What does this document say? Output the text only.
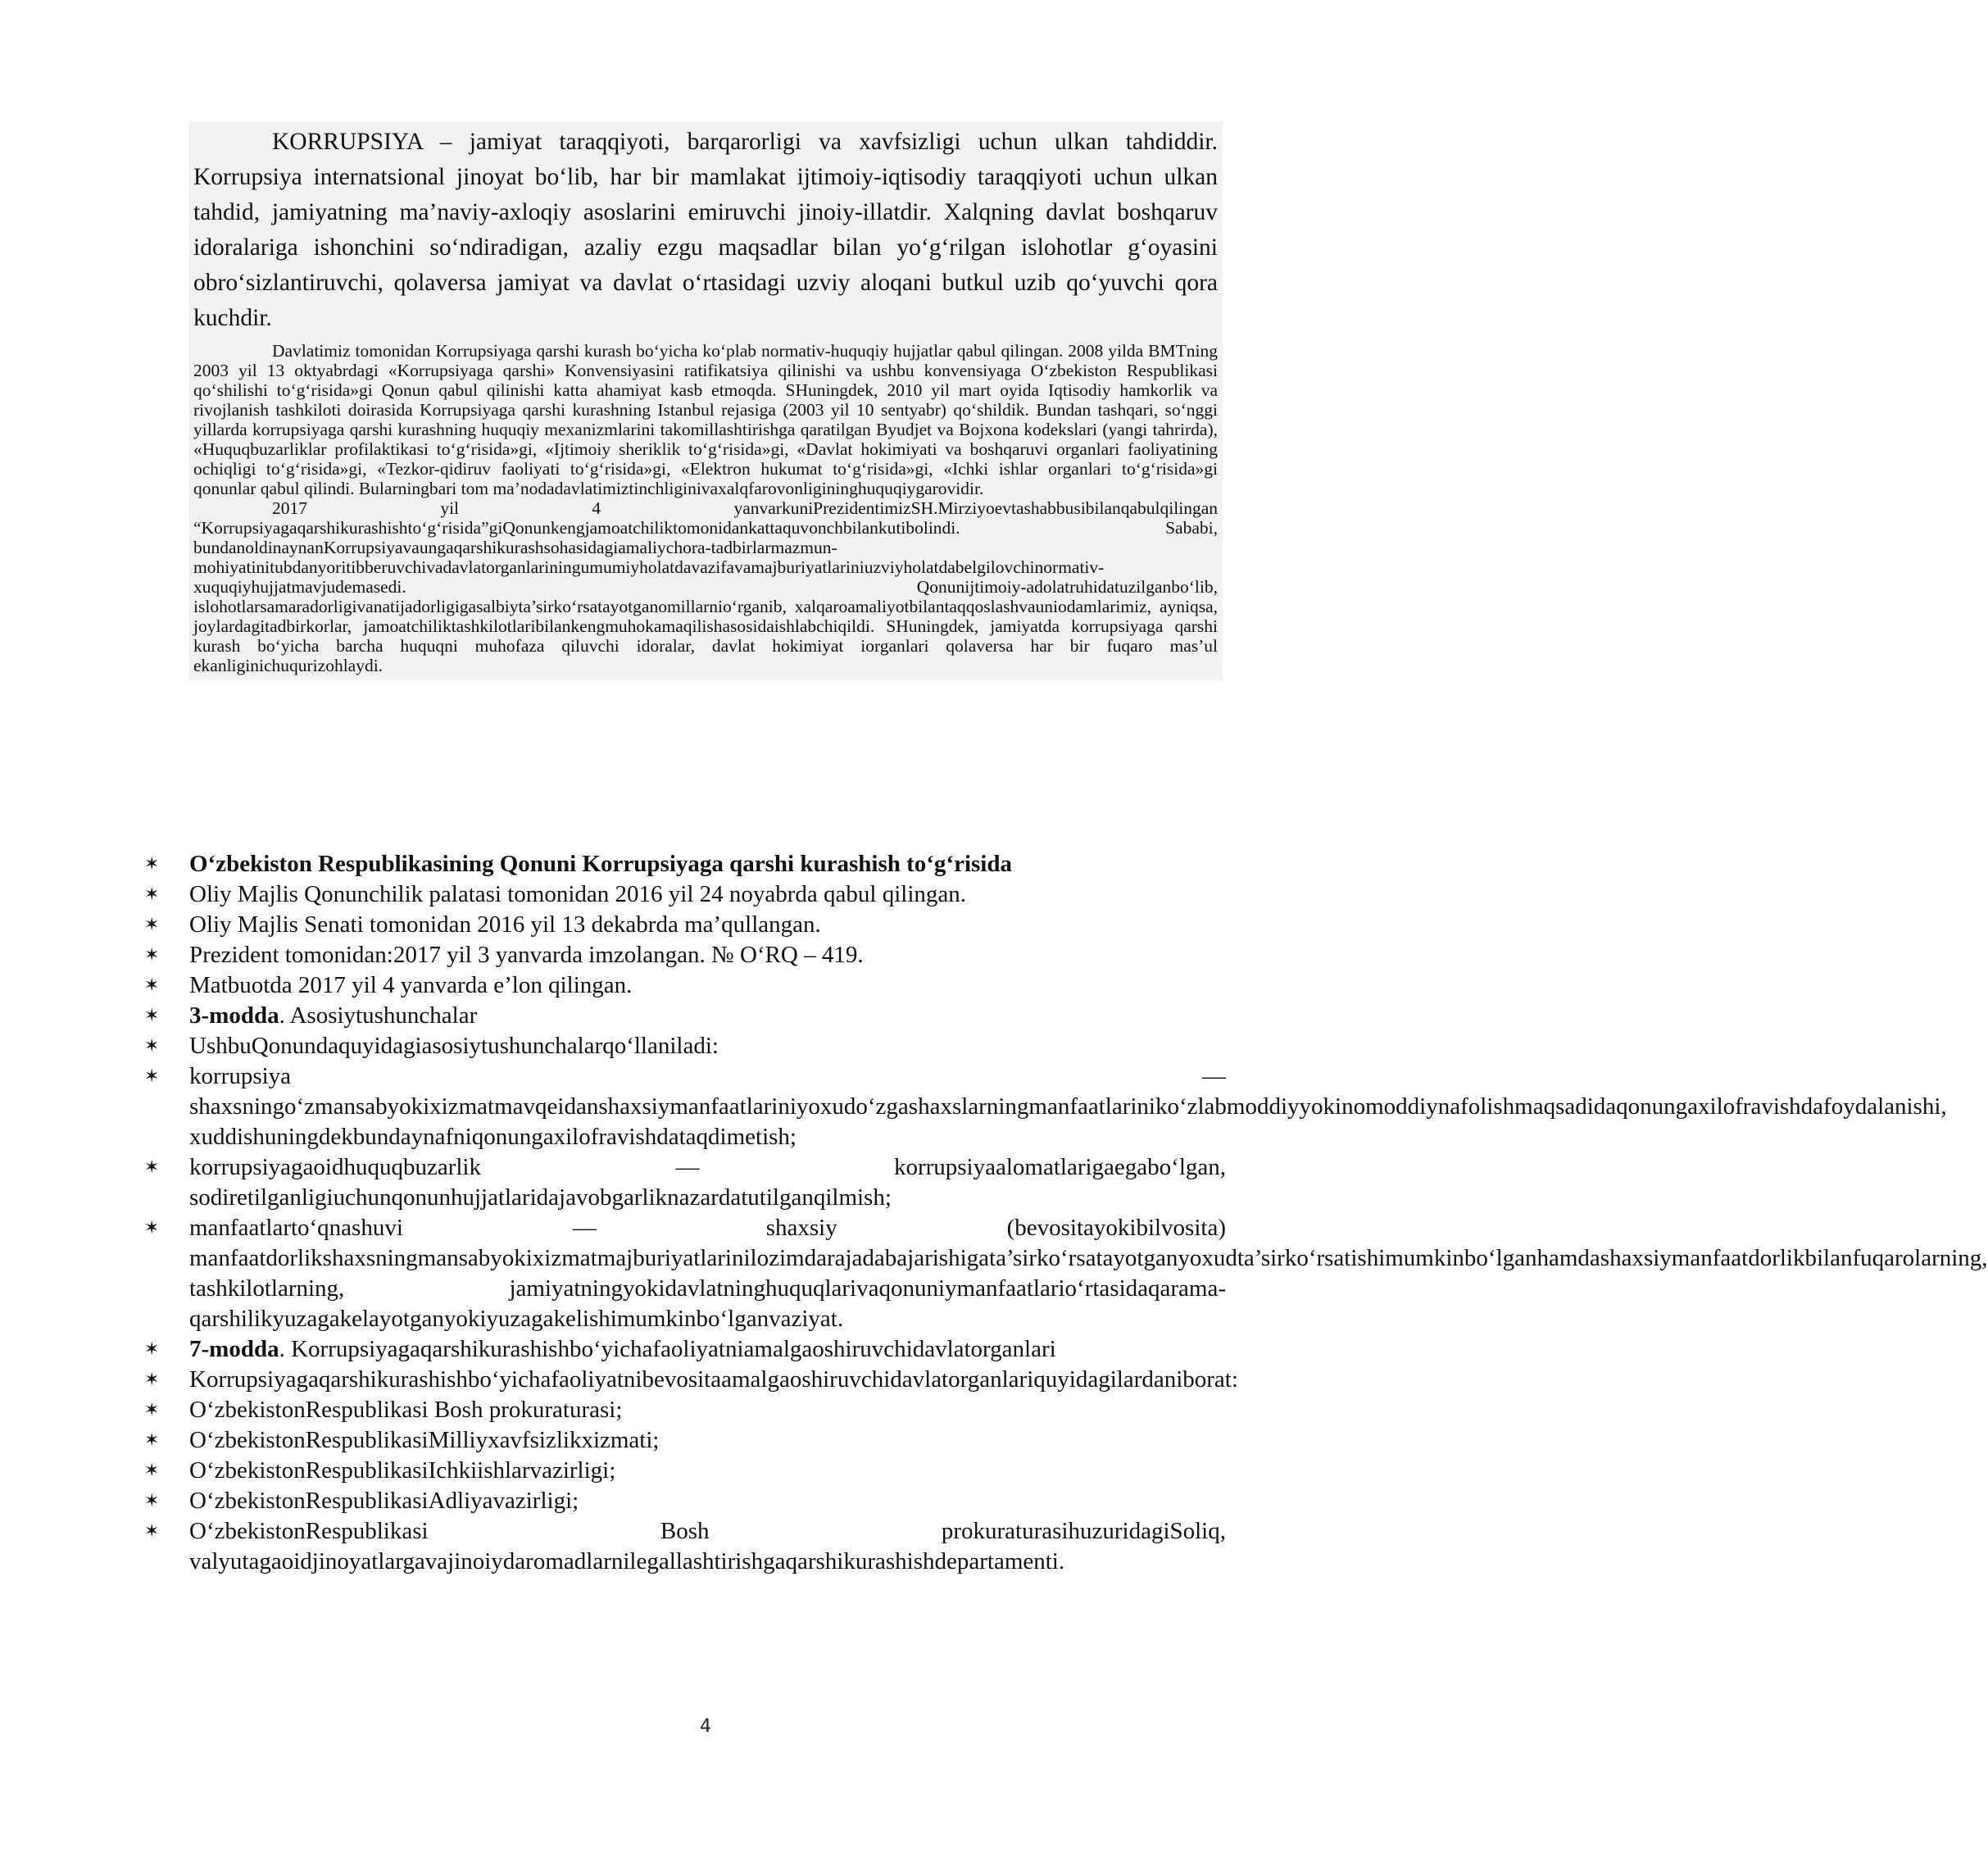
KORRUPSIYA – jamiyat taraqqiyoti, barqarorligi va xavfsizligi uchun ulkan tahdiddir. Korrupsiya internatsional jinoyat bo‘lib, har bir mamlakat ijtimoiy-iqtisodiy taraqqiyoti uchun ulkan tahdid, jamiyatning ma’naviy-axloqiy asoslarini emiruvchi jinoiy-illatdir. Xalqning davlat boshqaruv idoralariga ishonchini so‘ndiradigan, azaliy ezgu maqsadlar bilan yo‘g‘rilgan islohotlar g‘oyasini obro‘sizlantiruvchi, qolaversa jamiyat va davlat o‘rtasidagi uzviy aloqani butkul uzib qo‘yuvchi qora kuchdir.

Davlatimiz tomonidan Korrupsiyaga qarshi kurash bo‘yicha ko‘plab normativ-huquqiy hujjatlar qabul qilingan. 2008 yilda BMTning 2003 yil 13 oktyabrdagi «Korrupsiyaga qarshi» Konvensiyasini ratifikatsiya qilinishi va ushbu konvensiyaga O‘zbekiston Respublikasi qo‘shilishi to‘g‘risida»gi Qonun qabul qilinishi katta ahamiyat kasb etmoqda. SHuningdek, 2010 yil mart oyida Iqtisodiy hamkorlik va rivojlanish tashkiloti doirasida Korrupsiyaga qarshi kurashning Istanbul rejasiga (2003 yil 10 sentyabr) qo‘shildik. Bundan tashqari, so‘nggi yillarda korrupsiyaga qarshi kurashning huquqiy mexanizmlarini takomillashtirishga qaratilgan Byudjet va Bojxona kodekslari (yangi tahrirda), «Huquqbuzarliklar profilaktikasi to‘g‘risida»gi, «Ijtimoiy sheriklik to‘g‘risida»gi, «Davlat hokimiyati va boshqaruvi organlari faoliyatining ochiqligi to‘g‘risida»gi, «Tezkor-qidiruv faoliyati to‘g‘risida»gi, «Elektron hukumat to‘g‘risida»gi, «Ichki ishlar organlari to‘g‘risida»gi qonunlar qabul qilindi. Bularningbari tom ma’nodadavlatimiztinchliginivaxalqfarovonligininghuquqiygarovidir.

2017 yil 4 yanvarkuniPrezidentimizSH.Mirziyoevtashabbusibilanqabulqilingan “Korrupsiyagaqarshikurashishto‘g‘risida”giQonunkengjamoatchiliktomonidankattaquvonchbilankutibolindi. Sababi, bundanoldinaynanKorrupsiyavaungaqarshikurashsohasidagiamaliychora-tadbirlarmazmun-mohiyatinitubdanyoritibberuvchivadavlatorganlariningumumiyholatdavazifavamajburiyatlariniuzviyholatdabelgilovchinormativ-xuquqiyhujjatmavjudemasedi. Qonunijtimoiy-adolatruhidatuzilganbo‘lib, islohotlarsamaradorligivanatijadorligigasalbiyta’sirko‘rsatayotganomillarnio‘rganib, xalqaroamaliyotbilantaqqoslashvauniodamlarimiz, ayniqsa, joylardagitadbirkorlar, jamoatchiliktashkilotlaribilankengmuhokamaqilishasosidaishlabchiqildi. SHuningdek, jamiyatda korrupsiyaga qarshi kurash bo‘yicha barcha huquqni muhofaza qiluvchi idoralar, davlat hokimiyat iorganlari qolaversa har bir fuqaro mas’ul ekanliginichuqurizohlaydi.

✶ O‘zbekiston Respublikasining Qonuni Korrupsiyaga qarshi kurashish to‘g‘risida
✶ Oliy Majlis Qonunchilik palatasi tomonidan 2016 yil 24 noyabrda qabul qilingan.
✶ Oliy Majlis Senati tomonidan 2016 yil 13 dekabrda ma’qullangan.
✶ Prezident tomonidan:2017 yil 3 yanvarda imzolangan. № O‘RQ – 419.
✶ Matbuotda 2017 yil 4 yanvarda e’lon qilingan.
✶ 3-modda. Asosiytushunchalar
✶ UshbuQonundaquyidagiasosiytushunchalarqo‘llaniladi:
✶ korrupsiya — shaxsningo‘zmansabyokixizmatmavqeidanshaxsiymanfaatlariniyoxudo‘zgashaxslarningmanfaatlariniko‘zlabmoddiyyokinomoddiynafolishmaqsadidaqonungaxilofravishdafoydalanishi, xuddishuningdekbundaynafniqonungaxilofravishdataqdimetish;
✶ korrupsiyagaoidhuquqbuzarlik — korrupsiyaalomatlarigaegabo‘lgan, sodiretilganligiuchunqonunhujjatlaridajavobgarliknazardatutilganqilmish;
✶ manfaatlarto‘qnashuvi — shaxsiy (bevositayokibilvosita) manfaatdorlikshaxsningmansabyokixizmatmajburiyatlarinilozimdarajadabajarishigata’sirko‘rsatayotganyoxudta’sirko‘rsatishimumkinbo‘lganhamdashaxsiymanfaatdorlikbilanfuqarolarning, tashkilotlarning, jamiyatningyokidavlatninghuquqlarivaqonuniymanfaatlario‘rtasidaqarama-qarshilikyuzagakelayotganyokiyuzagakelishimumkinbo‘lganvaziyat.
✶ 7-modda. Korrupsiyagaqarshikurashishbo‘yichafaoliyatniamalgaoshiruvchidavlatorganlari
✶ Korrupsiyagaqarshikurashishbo‘yichafaoliyatnibevositaamalgaoshiruvchidavlatorganlariquyidagilardaniborat:
✶ O‘zbekistonRespublikasi Bosh prokuraturasi;
✶ O‘zbekistonRespublikasiMilliyxavfsizlikxizmati;
✶ O‘zbekistonRespublikasiIchkiishlarvazirligi;
✶ O‘zbekistonRespublikasiAdliyavazirligi;
✶ O‘zbekistonRespublikasi Bosh prokuraturasihuzuridagiSoliq, valyutagaoidjinoyatlargavajinoiydaromadlarnilegallashtirishgaqarshikurashishdepartamenti.
4
